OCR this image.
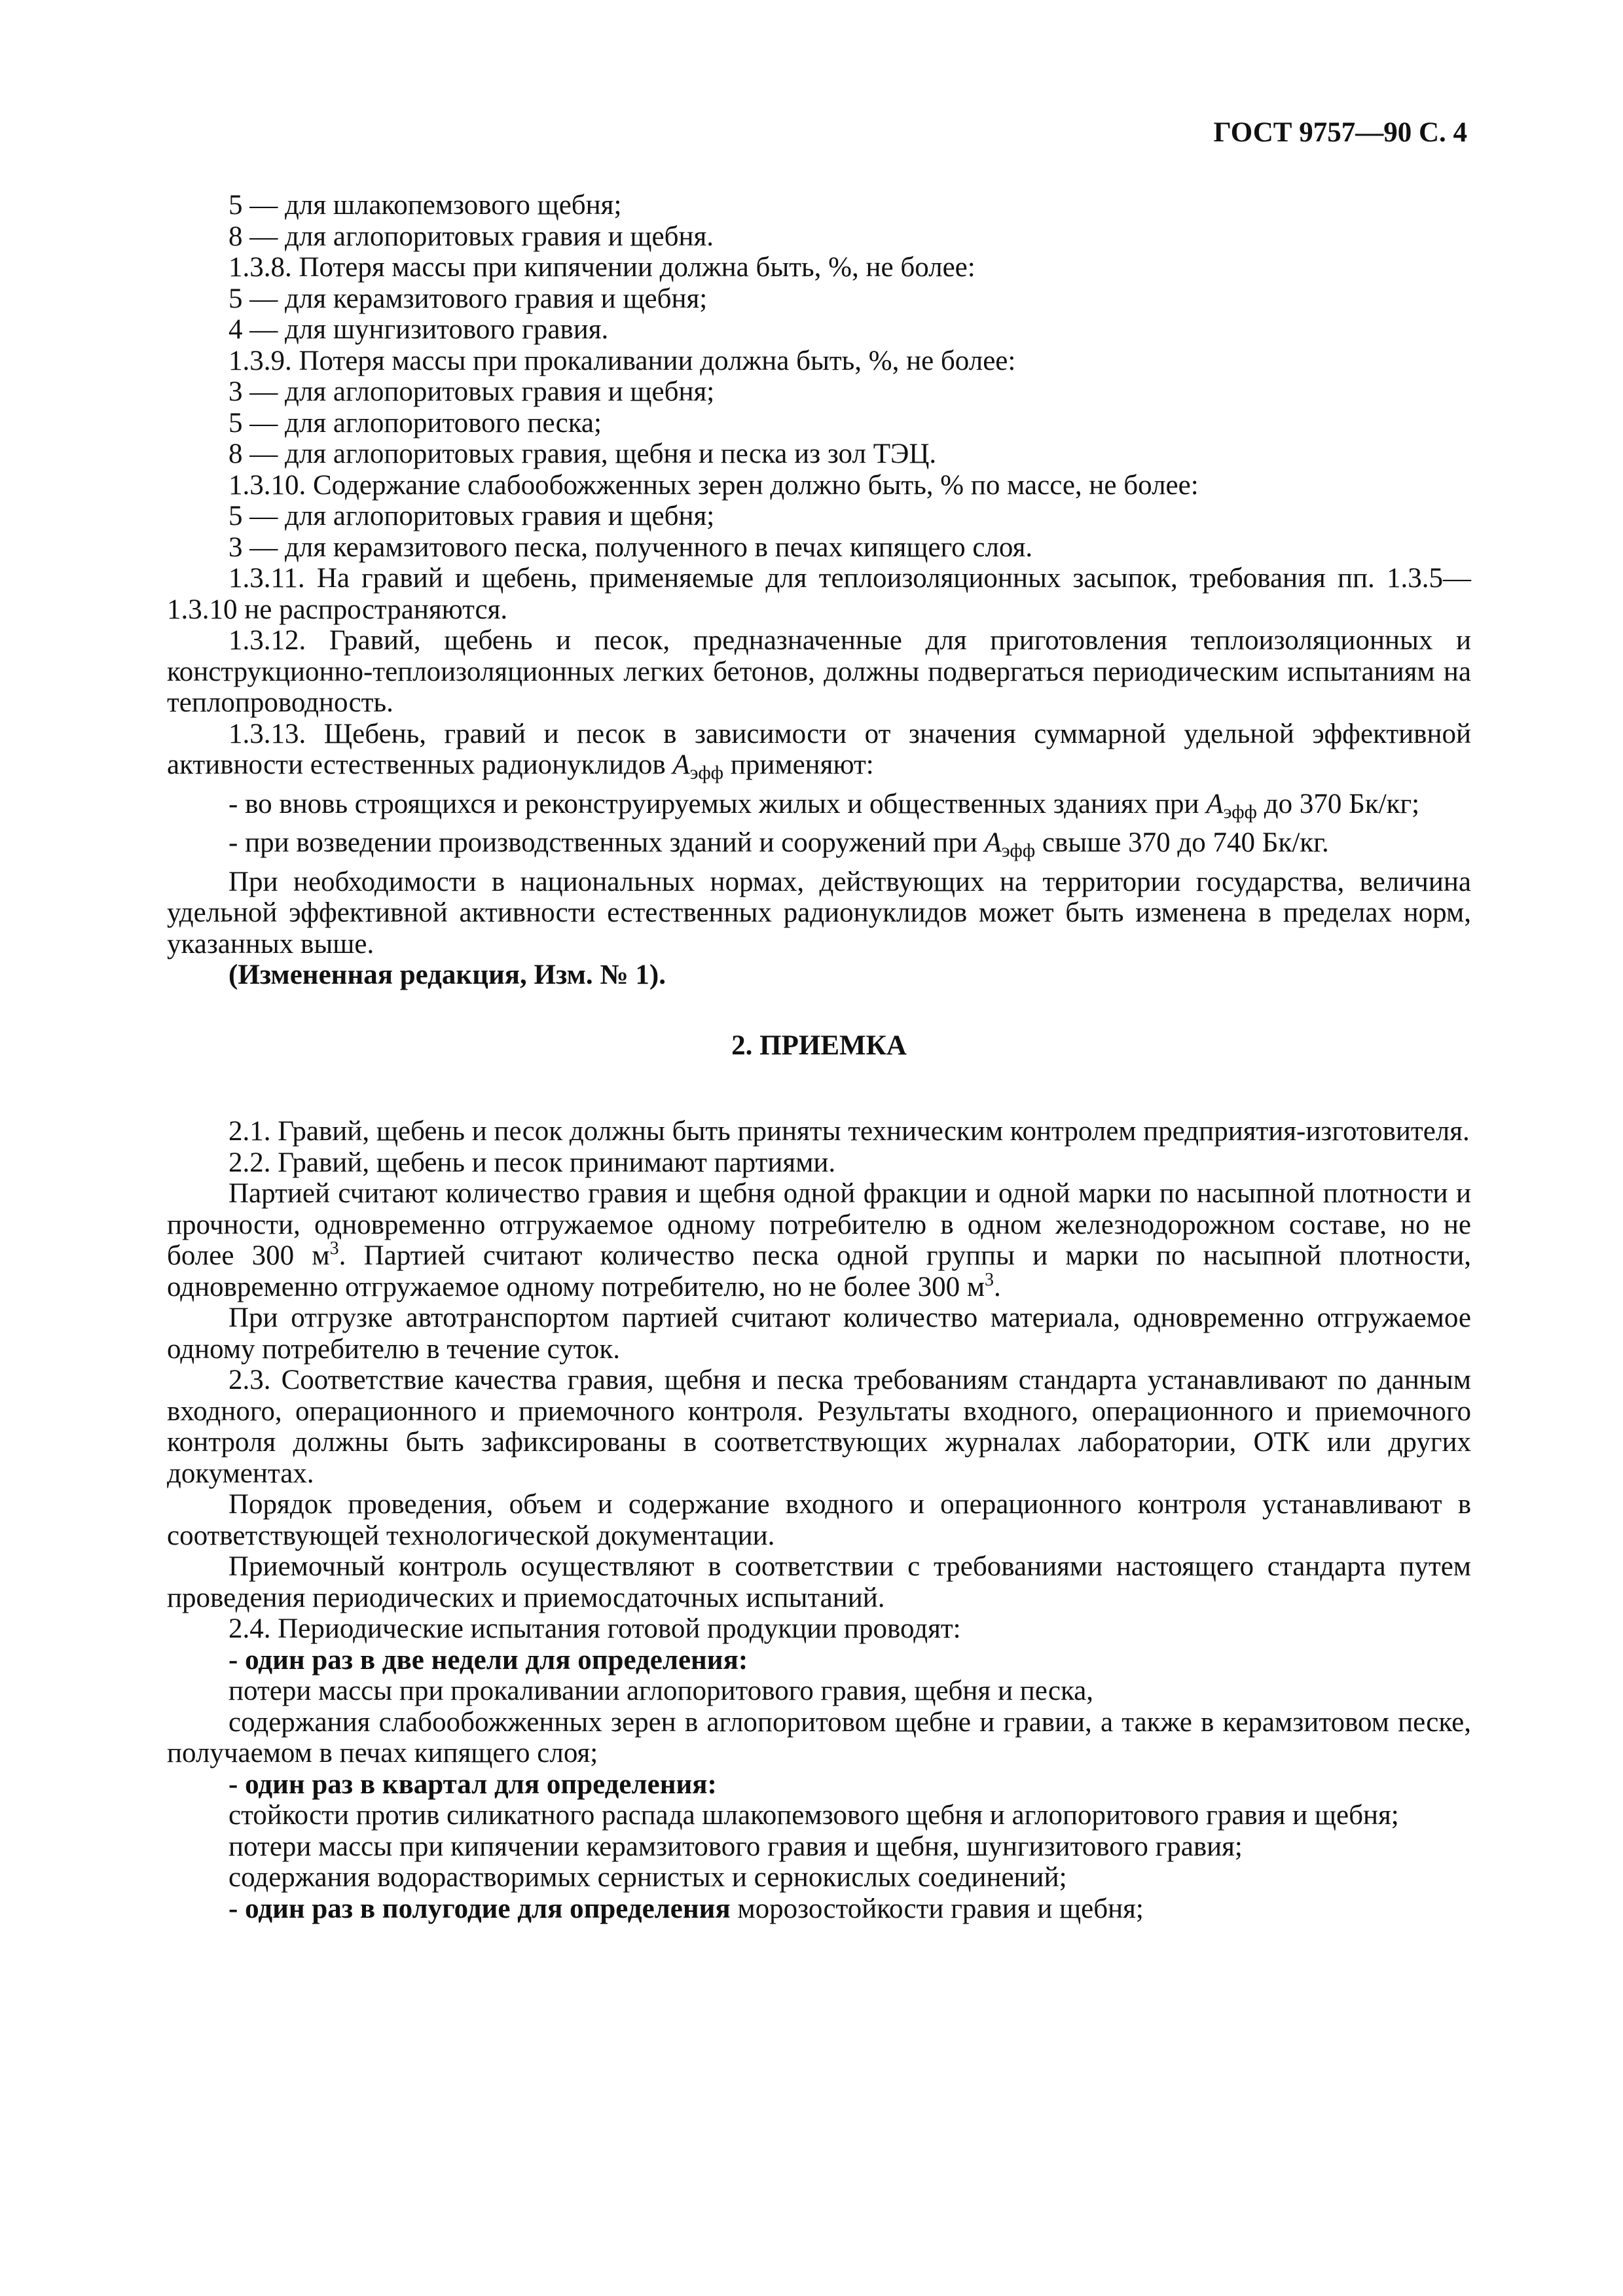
ГОСТ 9757—90 С. 4

5 — для шлакопемзового щебня;

8 — для аглопоритовых гравия и щебня.

1.3.8. Потеря массы при кипячении должна быть, %, не более:

5 — для керамзитового гравия и щебня;

4 — для шунгизитового гравия.

1.3.9. Потеря массы при прокаливании должна быть, %, не более:

3 — для аглопоритовых гравия и щебня;

5 — для аглопоритового песка;

8 — для аглопоритовых гравия, щебня и песка из зол ТЭЦ.

1.3.10. Содержание слабообожженных зерен должно быть, % по массе, не более:

5 — для аглопоритовых гравия и щебня;

3 — для керамзитового песка, полученного в печах кипящего слоя.

1.3.11. На гравий и щебень, применяемые для теплоизоляционных засыпок, требования пп. 1.3.5—1.3.10 не распространяются.

1.3.12. Гравий, щебень и песок, предназначенные для приготовления теплоизоляционных и конструкционно-теплоизоляционных легких бетонов, должны подвергаться периодическим испытаниям на теплопроводность.

1.3.13. Щебень, гравий и песок в зависимости от значения суммарной удельной эффективной активности естественных радионуклидов $A_{эфф}$ применяют:

- во вновь строящихся и реконструируемых жилых и общественных зданиях при $A_{эфф}$ до 370 Бк/кг;

- при возведении производственных зданий и сооружений при $A_{эфф}$ свыше 370 до 740 Бк/кг.

При необходимости в национальных нормах, действующих на территории государства, величина удельной эффективной активности естественных радионуклидов может быть изменена в пределах норм, указанных выше.

(Измененная редакция, Изм. № 1).

2. ПРИЕМКА

2.1. Гравий, щебень и песок должны быть приняты техническим контролем предприятия-изготовителя.

2.2. Гравий, щебень и песок принимают партиями.

Партией считают количество гравия и щебня одной фракции и одной марки по насыпной плотности и прочности, одновременно отгружаемое одному потребителю в одном железнодорожном составе, но не более 300 $м^3$. Партией считают количество песка одной группы и марки по насыпной плотности, одновременно отгружаемое одному потребителю, но не более 300 $м^3$.

При отгрузке автотранспортом партией считают количество материала, одновременно отгружаемое одному потребителю в течение суток.

2.3. Соответствие качества гравия, щебня и песка требованиям стандарта устанавливают по данным входного, операционного и приемочного контроля. Результаты входного, операционного и приемочного контроля должны быть зафиксированы в соответствующих журналах лаборатории, ОТК или других документах.

Порядок проведения, объем и содержание входного и операционного контроля устанавливают в соответствующей технологической документации.

Приемочный контроль осуществляют в соответствии с требованиями настоящего стандарта путем проведения периодических и приемосдаточных испытаний.

2.4. Периодические испытания готовой продукции проводят:

- один раз в две недели для определения:

потери массы при прокаливании аглопоритового гравия, щебня и песка,

содержания слабообожженных зерен в аглопоритовом щебне и гравии, а также в керамзитовом песке, получаемом в печах кипящего слоя;

- один раз в квартал для определения:

стойкости против силикатного распада шлакопемзового щебня и аглопоритового гравия и щебня;

потери массы при кипячении керамзитового гравия и щебня, шунгизитового гравия;

содержания водорастворимых сернистых и сернокислых соединений;

- один раз в полугодие для определения морозостойкости гравия и щебня;
